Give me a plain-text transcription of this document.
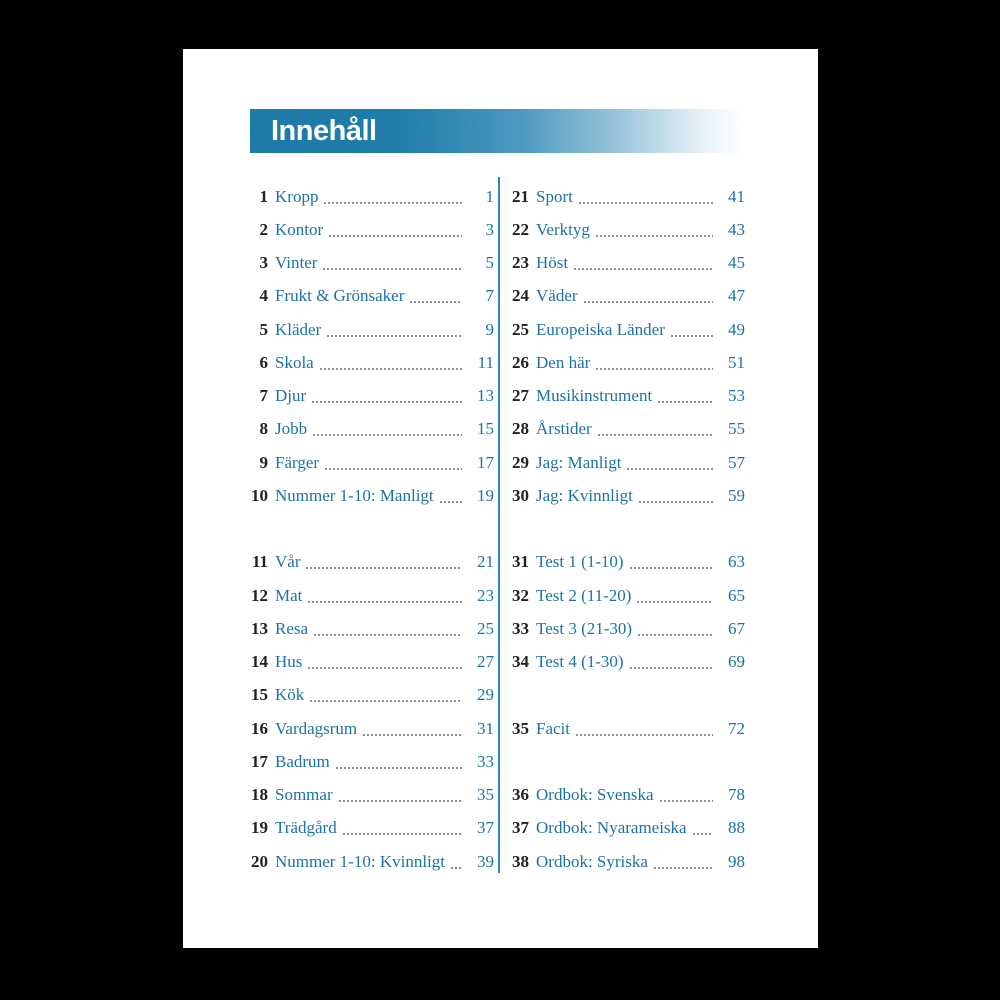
Innehåll
1 Kropp	1
2 Kontor	3
3 Vinter	5
4 Frukt & Grönsaker	7
5 Kläder	9
6 Skola	11
7 Djur	13
8 Jobb	15
9 Färger	17
10 Nummer 1-10: Manligt	19
11 Vår	21
12 Mat	23
13 Resa	25
14 Hus	27
15 Kök	29
16 Vardagsrum	31
17 Badrum	33
18 Sommar	35
19 Trädgård	37
20 Nummer 1-10: Kvinnligt	39
21 Sport	41
22 Verktyg	43
23 Höst	45
24 Väder	47
25 Europeiska Länder	49
26 Den här	51
27 Musikinstrument	53
28 Årstider	55
29 Jag: Manligt	57
30 Jag: Kvinnligt	59
31 Test 1 (1-10)	63
32 Test 2 (11-20)	65
33 Test 3 (21-30)	67
34 Test 4 (1-30)	69
35 Facit	72
36 Ordbok: Svenska	78
37 Ordbok: Nyarameiska	88
38 Ordbok: Syriska	98
